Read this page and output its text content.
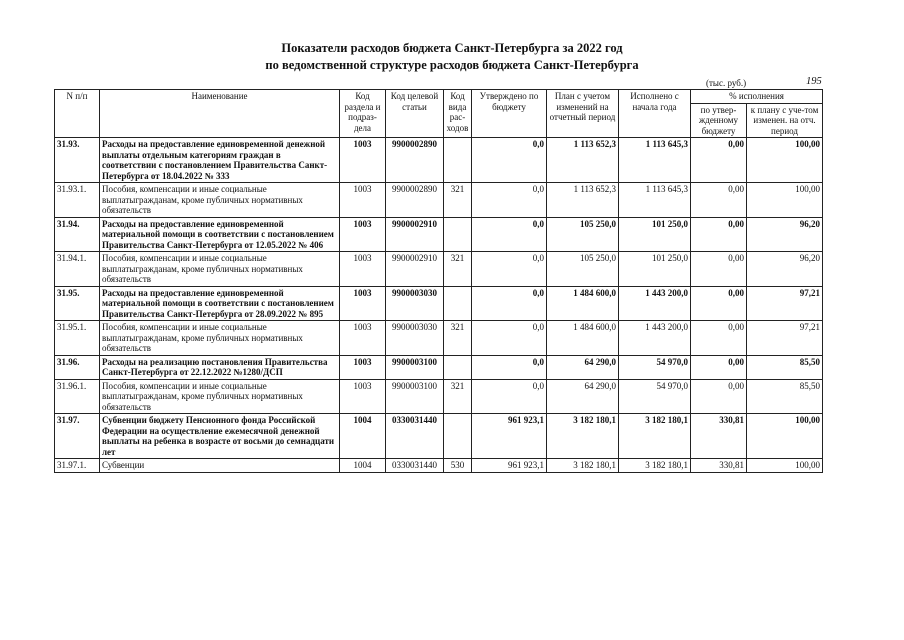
Показатели расходов бюджета Санкт-Петербурга за 2022 год
по ведомственной структуре расходов бюджета Санкт-Петербурга
(тыс. руб.)	195
N п/п	Наименование	Код раздела и подраз-дела	Код целевой статьи	Код вида рас-ходов	Утверждено по бюджету	План с учетом изменений на отчетный период	Исполнено с начала года	% исполнения	
								по утвер-жденному бюджету	к плану с уче-том изменен. на отч. период
31.93.	Расходы на предоставление единовременной денежной выплаты отдельным категориям граждан в соответствии с постановлением Правительства Санкт-Петербурга от 18.04.2022 № 333	1003	9900002890		0,0	1 113 652,3	1 113 645,3	0,00	100,00
31.93.1.	Пособия, компенсации и иные социальные выплатыгражданам, кроме публичных нормативных обязательств	1003	9900002890	321	0,0	1 113 652,3	1 113 645,3	0,00	100,00
31.94.	Расходы на предоставление единовременной материальной помощи в соответствии с постановлением Правительства Санкт-Петербурга от 12.05.2022 № 406	1003	9900002910		0,0	105 250,0	101 250,0	0,00	96,20
31.94.1.	Пособия, компенсации и иные социальные выплатыгражданам, кроме публичных нормативных обязательств	1003	9900002910	321	0,0	105 250,0	101 250,0	0,00	96,20
31.95.	Расходы на предоставление единовременной материальной помощи в соответствии с постановлением Правительства Санкт-Петербурга от 28.09.2022 № 895	1003	9900003030		0,0	1 484 600,0	1 443 200,0	0,00	97,21
31.95.1.	Пособия, компенсации и иные социальные выплатыгражданам, кроме публичных нормативных обязательств	1003	9900003030	321	0,0	1 484 600,0	1 443 200,0	0,00	97,21
31.96.	Расходы на реализацию постановления Правительства Санкт-Петербурга от 22.12.2022 №1280/ДСП	1003	9900003100		0,0	64 290,0	54 970,0	0,00	85,50
31.96.1.	Пособия, компенсации и иные социальные выплатыгражданам, кроме публичных нормативных обязательств	1003	9900003100	321	0,0	64 290,0	54 970,0	0,00	85,50
31.97.	Субвенции бюджету Пенсионного фонда Российской Федерации на осуществление ежемесячной денежной выплаты на ребенка в возрасте от восьми до семнадцати лет	1004	0330031440		961 923,1	3 182 180,1	3 182 180,1	330,81	100,00
31.97.1.	Субвенции	1004	0330031440	530	961 923,1	3 182 180,1	3 182 180,1	330,81	100,00
